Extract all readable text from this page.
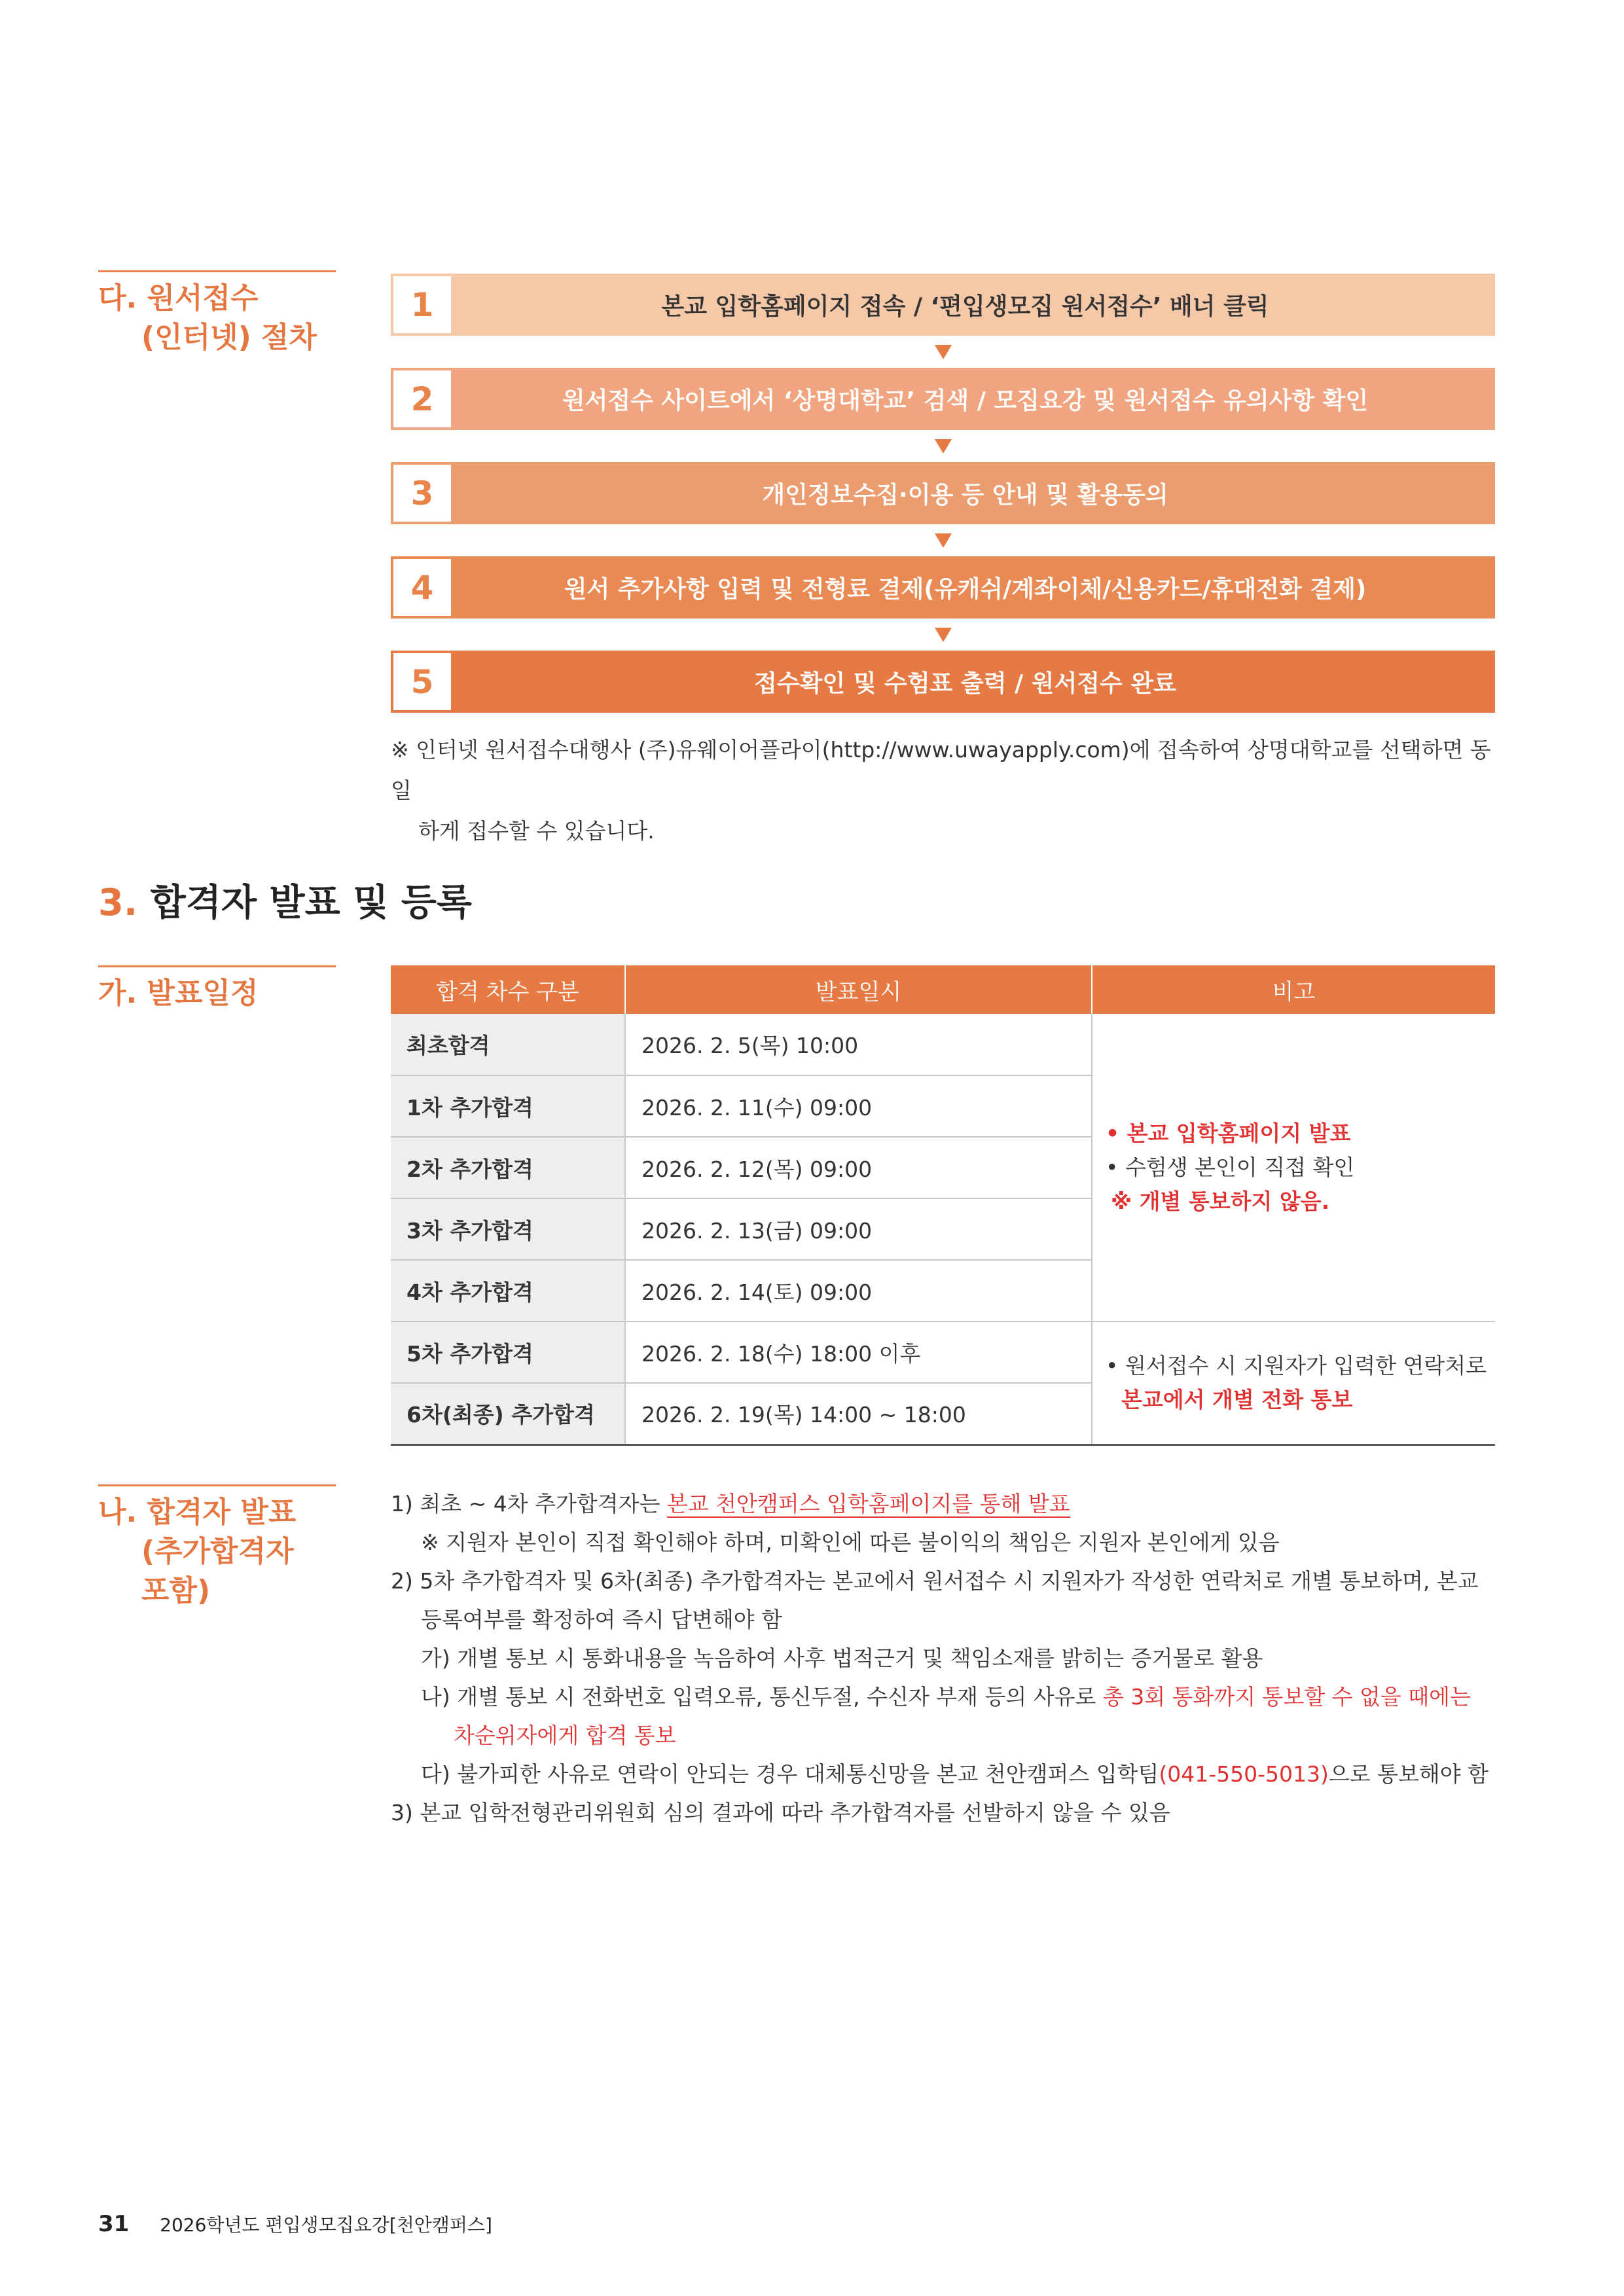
다. 원서접수
(인터넷) 절차
1	본교 입학홈페이지 접속 / ‘편입생모집 원서접수’ 배너 클릭
2	원서접수 사이트에서 ‘상명대학교’ 검색 / 모집요강 및 원서접수 유의사항 확인
3	개인정보수집·이용 등 안내 및 활용동의
4	원서 추가사항 입력 및 전형료 결제(유캐쉬/계좌이체/신용카드/휴대전화 결제)
5	접수확인 및 수험표 출력 / 원서접수 완료
※ 인터넷 원서접수대행사 (주)유웨이어플라이(http://www.uwayapply.com)에 접속하여 상명대학교를 선택하면 동일
하게 접수할 수 있습니다.
3. 합격자 발표 및 등록
가. 발표일정	합격 차수 구분	발표일시	비고
최초합격	2026. 2. 5(목) 10:00	• 본교 입학홈페이지 발표
• 수험생 본인이 직접 확인
※ 개별 통보하지 않음.

1차 추가합격	2026. 2. 11(수) 09:00	
2차 추가합격	2026. 2. 12(목) 09:00	
3차 추가합격	2026. 2. 13(금) 09:00	
4차 추가합격	2026. 2. 14(토) 09:00	
5차 추가합격	2026. 2. 18(수) 18:00 이후	• 원서접수 시 지원자가 입력한 연락처로
본교에서 개별 전화 통보

6차(최종) 추가합격	2026. 2. 19(목) 14:00 ~ 18:00	
나. 합격자 발표
(추가합격자
포함)
1) 최초 ~ 4차 추가합격자는 본교 천안캠퍼스 입학홈페이지를 통해 발표
※ 지원자 본인이 직접 확인해야 하며, 미확인에 따른 불이익의 책임은 지원자 본인에게 있음
2) 5차 추가합격자 및 6차(최종) 추가합격자는 본교에서 원서접수 시 지원자가 작성한 연락처로 개별 통보하며, 본교
등록여부를 확정하여 즉시 답변해야 함
가) 개별 통보 시 통화내용을 녹음하여 사후 법적근거 및 책임소재를 밝히는 증거물로 활용
나) 개별 통보 시 전화번호 입력오류, 통신두절, 수신자 부재 등의 사유로 총 3회 통화까지 통보할 수 없을 때에는
차순위자에게 합격 통보
다) 불가피한 사유로 연락이 안되는 경우 대체통신망을 본교 천안캠퍼스 입학팀(041-550-5013)으로 통보해야 함
3) 본교 입학전형관리위원회 심의 결과에 따라 추가합격자를 선발하지 않을 수 있음
31 2026학년도 편입생모집요강[천안캠퍼스]
